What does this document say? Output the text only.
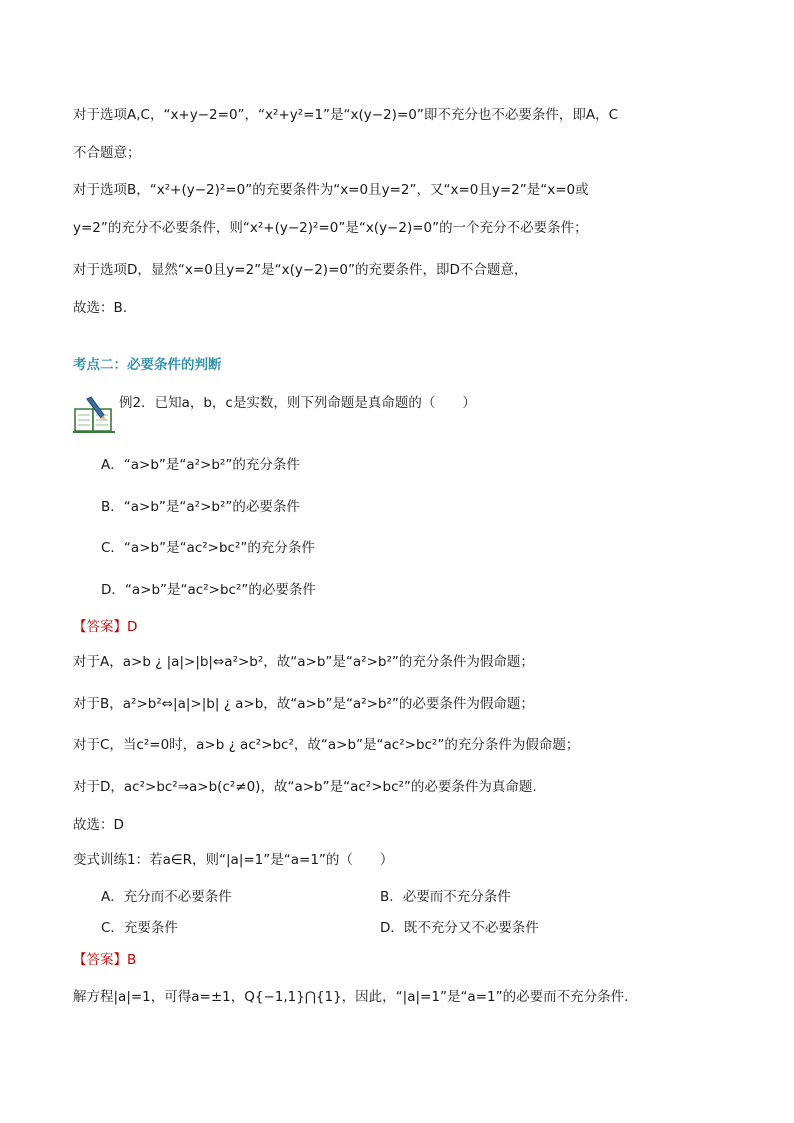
对于选项A,C，“x+y−2=0”，“x²+y²=1”是“x(y−2)=0”即不充分也不必要条件，即A，C
不合题意；
对于选项B，“x²+(y−2)²=0”的充要条件为“x=0且y=2”，又“x=0且y=2”是“x=0或
y=2”的充分不必要条件，则“x²+(y−2)²=0”是“x(y−2)=0”的一个充分不必要条件；
对于选项D，显然“x=0且y=2”是“x(y−2)=0”的充要条件，即D不合题意，
故选：B.
考点二：必要条件的判断
例2．已知a，b，c是实数，则下列命题是真命题的（　　）
A．“a>b”是“a²>b²”的充分条件
B．“a>b”是“a²>b²”的必要条件
C．“a>b”是“ac²>bc²”的充分条件
D．“a>b”是“ac²>bc²”的必要条件
【答案】D
对于A，a>b ¿ |a|>|b|⇔a²>b²，故“a>b”是“a²>b²”的充分条件为假命题；
对于B，a²>b²⇔|a|>|b| ¿ a>b，故“a>b”是“a²>b²”的必要条件为假命题；
对于C，当c²=0时，a>b ¿ ac²>bc²，故“a>b”是“ac²>bc²”的充分条件为假命题；
对于D，ac²>bc²⇒a>b(c²≠0)，故“a>b”是“ac²>bc²”的必要条件为真命题.
故选：D
变式训练1：若a∈R，则“|a|=1”是“a=1”的（　　）
A．充分而不必要条件	B．必要而不充分条件
C．充要条件	D．既不充分又不必要条件
【答案】B
解方程|a|=1，可得a=±1，Q{−1,1}⋂{1}，因此，“|a|=1”是“a=1”的必要而不充分条件.
